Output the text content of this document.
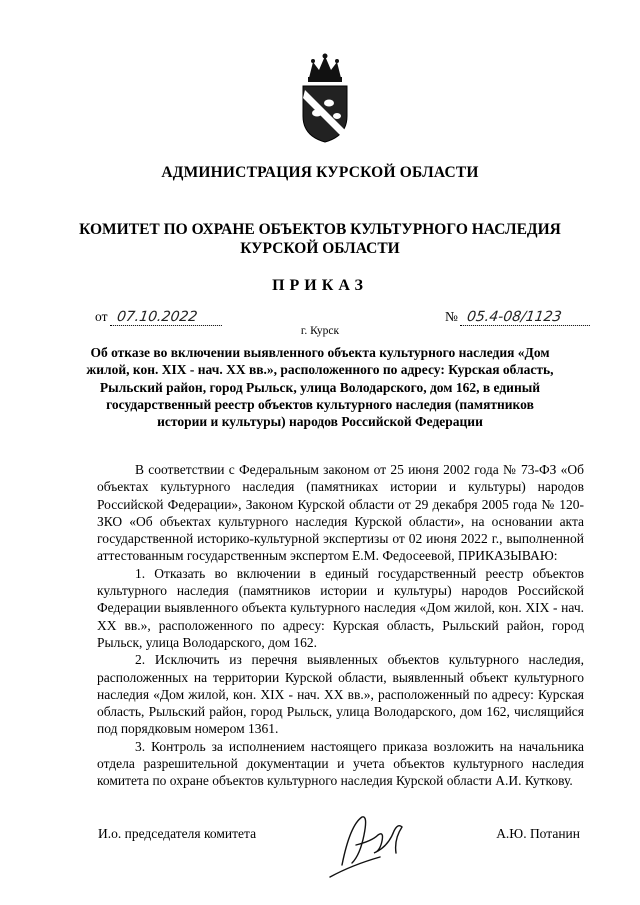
АДМИНИСТРАЦИЯ КУРСКОЙ ОБЛАСТИ
КОМИТЕТ ПО ОХРАНЕ ОБЪЕКТОВ КУЛЬТУРНОГО НАСЛЕДИЯ
КУРСКОЙ ОБЛАСТИ
ПРИКАЗ
от 07.10.2022	№ 05.4-08/1123
г. Курск
Об отказе во включении выявленного объекта культурного наследия «Дом жилой, кон. XIX - нач. XX вв.», расположенного по адресу: Курская область, Рыльский район, город Рыльск, улица Володарского, дом 162, в единый государственный реестр объектов культурного наследия (памятников истории и культуры) народов Российской Федерации

В соответствии с Федеральным законом от 25 июня 2002 года № 73-ФЗ «Об объектах культурного наследия (памятниках истории и культуры) народов Российской Федерации», Законом Курской области от 29 декабря 2005 года № 120-ЗКО «Об объектах культурного наследия Курской области», на основании акта государственной историко-культурной экспертизы от 02 июня 2022 г., выполненной аттестованным государственным экспертом Е.М. Федосеевой, ПРИКАЗЫВАЮ:

1. Отказать во включении в единый государственный реестр объектов культурного наследия (памятников истории и культуры) народов Российской Федерации выявленного объекта культурного наследия «Дом жилой, кон. XIX - нач. XX вв.», расположенного по адресу: Курская область, Рыльский район, город Рыльск, улица Володарского, дом 162.

2. Исключить из перечня выявленных объектов культурного наследия, расположенных на территории Курской области, выявленный объект культурного наследия «Дом жилой, кон. XIX - нач. XX вв.», расположенный по адресу: Курская область, Рыльский район, город Рыльск, улица Володарского, дом 162, числящийся под порядковым номером 1361.

3. Контроль за исполнением настоящего приказа возложить на начальника отдела разрешительной документации и учета объектов культурного наследия комитета по охране объектов культурного наследия Курской области А.И. Куткову.

И.о. председателя комитета	А.Ю. Потанин
